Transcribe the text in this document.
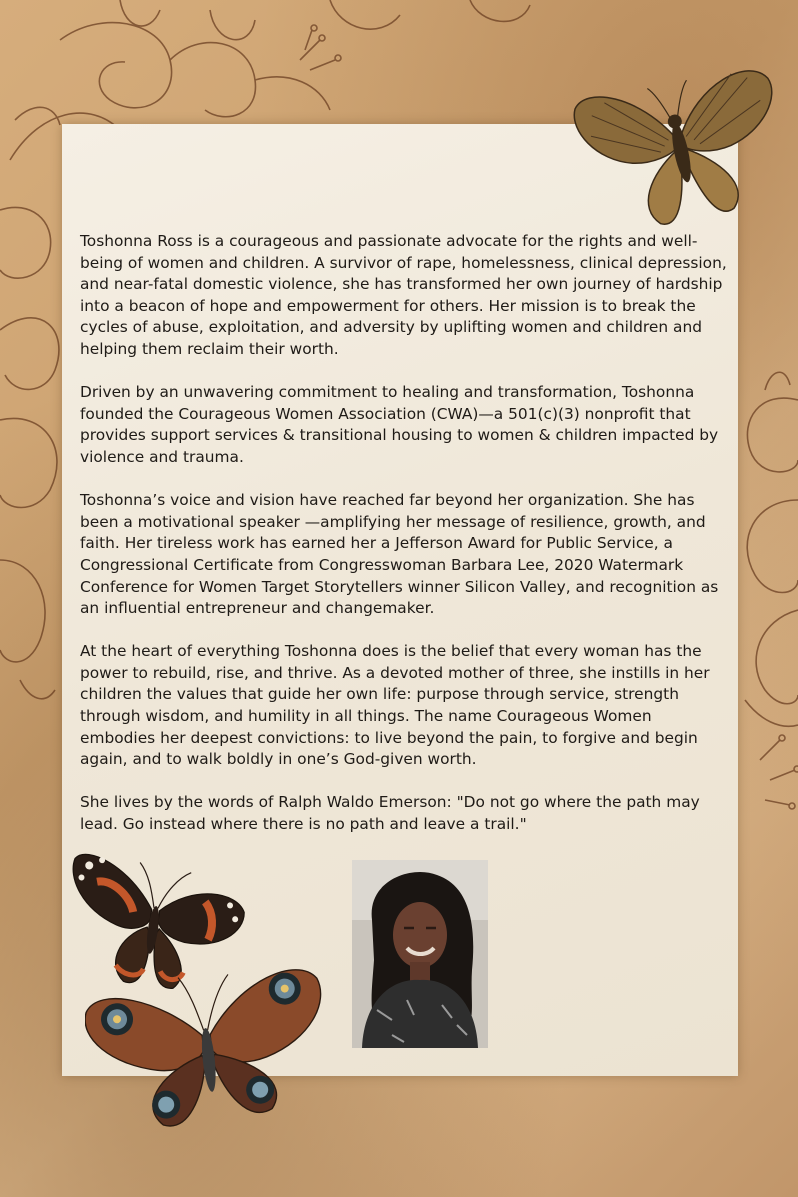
Toshonna Ross is a courageous and passionate advocate for the rights and well-being of women and children. A survivor of rape, homelessness, clinical depression, and near-fatal domestic violence, she has transformed her own journey of hardship into a beacon of hope and empowerment for others. Her mission is to break the cycles of abuse, exploitation, and adversity by uplifting women and children and helping them reclaim their worth.

Driven by an unwavering commitment to healing and transformation, Toshonna founded the Courageous Women Association (CWA)—a 501(c)(3) nonprofit that provides support services & transitional housing to women & children impacted by violence and trauma.

Toshonna’s voice and vision have reached far beyond her organization. She has been a motivational speaker —amplifying her message of resilience, growth, and faith. Her tireless work has earned her a Jefferson Award for Public Service, a Congressional Certificate from Congresswoman Barbara Lee, 2020 Watermark Conference for Women Target Storytellers winner Silicon Valley, and recognition as an influential entrepreneur and changemaker.

At the heart of everything Toshonna does is the belief that every woman has the power to rebuild, rise, and thrive. As a devoted mother of three, she instills in her children the values that guide her own life: purpose through service, strength through wisdom, and humility in all things. The name Courageous Women embodies her deepest convictions: to live beyond the pain, to forgive and begin again, and to walk boldly in one’s God-given worth.

She lives by the words of Ralph Waldo Emerson: "Do not go where the path may lead. Go instead where there is no path and leave a trail."
